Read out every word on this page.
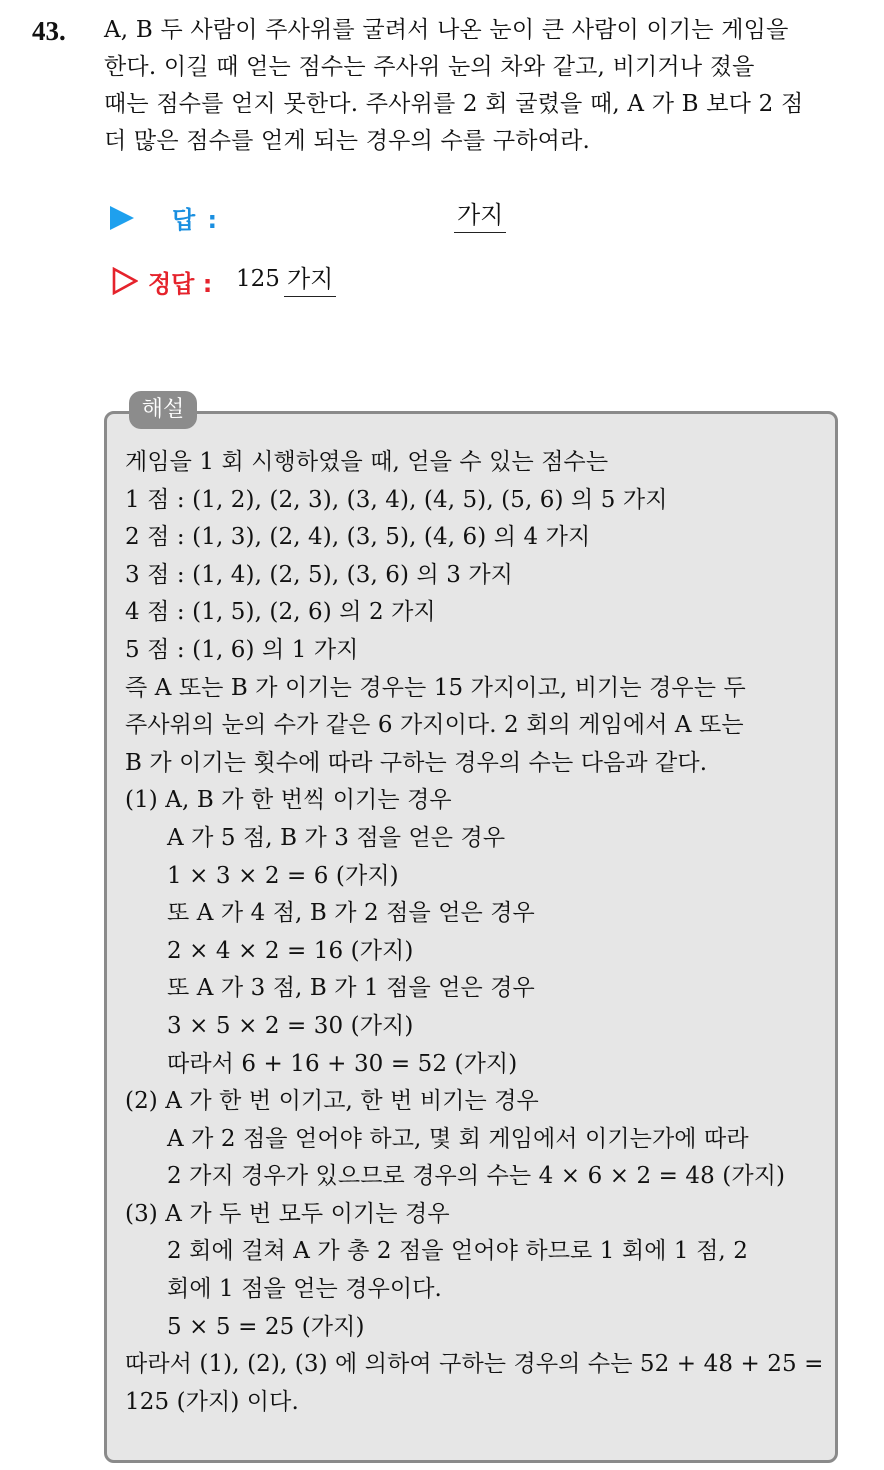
43. A, B 두 사람이 주사위를 굴려서 나온 눈이 큰 사람이 이기는 게임을
한다. 이길 때 얻는 점수는 주사위 눈의 차와 같고, 비기거나 졌을
때는 점수를 얻지 못한다. 주사위를 2 회 굴렸을 때, A 가 B 보다 2 점
더 많은 점수를 얻게 되는 경우의 수를 구하여라.
답 :	가지
정답 : 125 가지
해설
게임을 1 회 시행하였을 때, 얻을 수 있는 점수는
1 점 : (1, 2), (2, 3), (3, 4), (4, 5), (5, 6) 의 5 가지
2 점 : (1, 3), (2, 4), (3, 5), (4, 6) 의 4 가지
3 점 : (1, 4), (2, 5), (3, 6) 의 3 가지
4 점 : (1, 5), (2, 6) 의 2 가지
5 점 : (1, 6) 의 1 가지
즉 A 또는 B 가 이기는 경우는 15 가지이고, 비기는 경우는 두
주사위의 눈의 수가 같은 6 가지이다. 2 회의 게임에서 A 또는
B 가 이기는 횟수에 따라 구하는 경우의 수는 다음과 같다.
(1) A, B 가 한 번씩 이기는 경우
A 가 5 점, B 가 3 점을 얻은 경우
1 × 3 × 2 = 6 (가지)
또 A 가 4 점, B 가 2 점을 얻은 경우
2 × 4 × 2 = 16 (가지)
또 A 가 3 점, B 가 1 점을 얻은 경우
3 × 5 × 2 = 30 (가지)
따라서 6 + 16 + 30 = 52 (가지)
(2) A 가 한 번 이기고, 한 번 비기는 경우
A 가 2 점을 얻어야 하고, 몇 회 게임에서 이기는가에 따라
2 가지 경우가 있으므로 경우의 수는 4 × 6 × 2 = 48 (가지)
(3) A 가 두 번 모두 이기는 경우
2 회에 걸쳐 A 가 총 2 점을 얻어야 하므로 1 회에 1 점, 2
회에 1 점을 얻는 경우이다.
5 × 5 = 25 (가지)
따라서 (1), (2), (3) 에 의하여 구하는 경우의 수는 52 + 48 + 25 =
125 (가지) 이다.
